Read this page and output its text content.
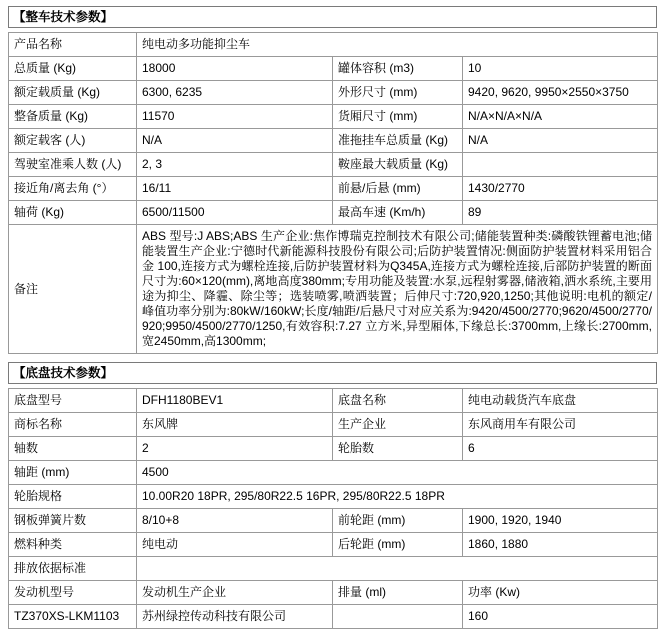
【整车技术参数】
产品名称	纯电动多功能抑尘车		
总质量 (Kg)	18000	罐体容积 (m3)	10
额定载质量 (Kg)	6300, 6235	外形尺寸 (mm)	9420, 9620, 9950×2550×3750
整备质量 (Kg)	11570	货厢尺寸 (mm)	N/A×N/A×N/A
额定载客 (人)	N/A	准拖挂车总质量 (Kg)	N/A
驾驶室准乘人数 (人)	2, 3	鞍座最大载质量 (Kg)	
接近角/离去角 (°）	16/11	前悬/后悬 (mm)	1430/2770
轴荷 (Kg)	6500/11500	最高车速 (Km/h)	89
备注	ABS 型号:J ABS;ABS 生产企业:焦作博瑞克控制技术有限公司;储能装置种类:磷酸铁锂蓄电池;储能装置生产企业:宁德时代新能源科技股份有限公司;后防护装置情况:侧面防护装置材料采用铝合金 100,连接方式为螺栓连接,后防护装置材料为Q345A,连接方式为螺栓连接,后部防护装置的断面尺寸为:60×120(mm),离地高度380mm;专用功能及装置:水泵,远程射雾器,储液箱,洒水系统,主要用途为抑尘、降霾、除尘等；选装喷雾,喷洒装置；后伸尺寸:720,920,1250;其他说明:电机的额定/峰值功率分别为:80kW/160kW;长度/轴距/后悬尺寸对应关系为:9420/4500/2770;9620/4500/2770/920;9950/4500/2770/1250,有效容积:7.27 立方米,异型厢体,下缘总长:3700mm,上缘长:2700mm,宽2450mm,高1300mm;		
【底盘技术参数】
底盘型号	DFH1180BEV1	底盘名称	纯电动载货汽车底盘
商标名称	东风牌	生产企业	东风商用车有限公司
轴数	2	轮胎数	6
轴距 (mm)	4500		
轮胎规格	10.00R20 18PR, 295/80R22.5 16PR, 295/80R22.5 18PR		
钢板弹簧片数	8/10+8	前轮距 (mm)	1900, 1920, 1940
燃料种类	纯电动	后轮距 (mm)	1860, 1880
排放依据标准			
发动机型号	发动机生产企业	排量 (ml)	功率 (Kw)
TZ370XS-LKM1103	苏州绿控传动科技有限公司		160
